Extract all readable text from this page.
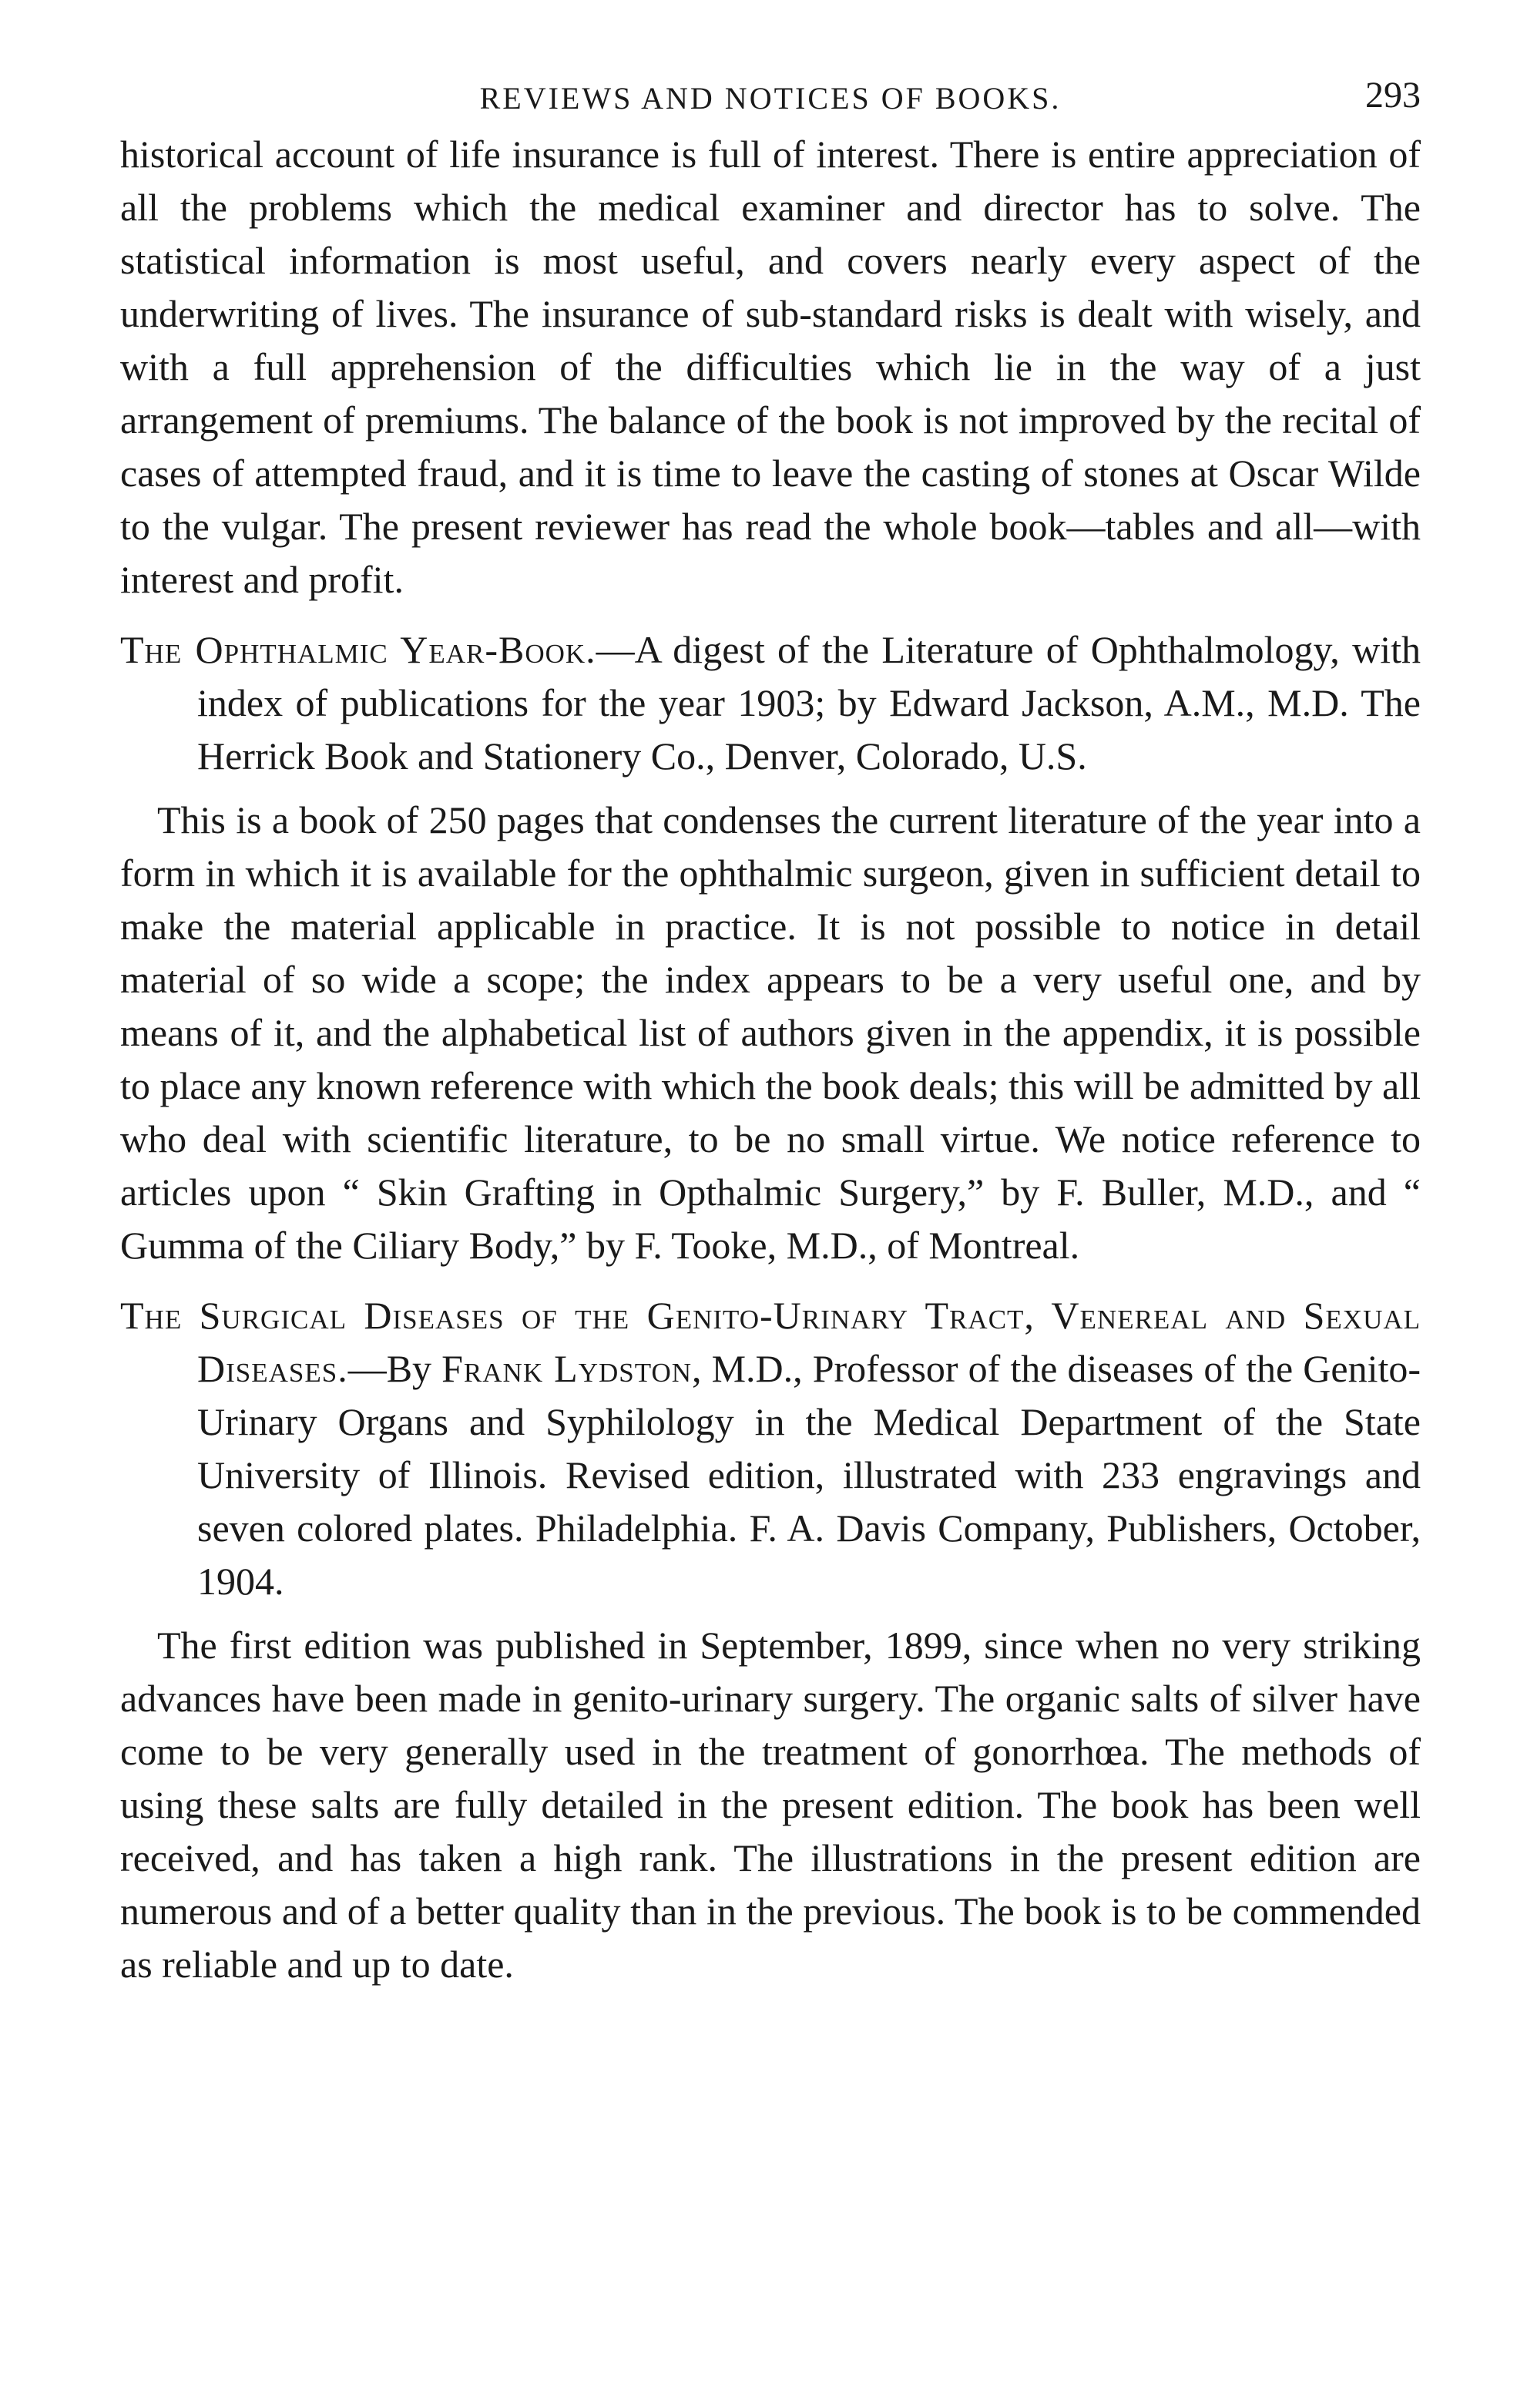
REVIEWS AND NOTICES OF BOOKS.	293

historical account of life insurance is full of interest. There is entire appreciation of all the problems which the medical examiner and director has to solve. The statistical information is most useful, and covers nearly every aspect of the underwriting of lives. The insurance of sub-standard risks is dealt with wisely, and with a full apprehension of the difficulties which lie in the way of a just arrangement of premiums. The balance of the book is not improved by the recital of cases of attempted fraud, and it is time to leave the casting of stones at Oscar Wilde to the vulgar. The present reviewer has read the whole book—tables and all—with interest and profit.

The Ophthalmic Year-Book.—A digest of the Literature of Ophthalmology, with index of publications for the year 1903; by Edward Jackson, A.M., M.D. The Herrick Book and Stationery Co., Denver, Colorado, U.S.

This is a book of 250 pages that condenses the current literature of the year into a form in which it is available for the ophthalmic surgeon, given in sufficient detail to make the material applicable in practice. It is not possible to notice in detail material of so wide a scope; the index appears to be a very useful one, and by means of it, and the alphabetical list of authors given in the appendix, it is possible to place any known reference with which the book deals; this will be admitted by all who deal with scientific literature, to be no small virtue. We notice reference to articles upon “ Skin Grafting in Opthalmic Surgery,” by F. Buller, M.D., and “ Gumma of the Ciliary Body,” by F. Tooke, M.D., of Montreal.

The Surgical Diseases of the Genito-Urinary Tract, Venereal and Sexual Diseases.—By Frank Lydston, M.D., Professor of the diseases of the Genito-Urinary Organs and Syphilology in the Medical Department of the State University of Illinois. Revised edition, illustrated with 233 engravings and seven colored plates. Philadelphia. F. A. Davis Company, Publishers, October, 1904.

The first edition was published in September, 1899, since when no very striking advances have been made in genito-urinary surgery. The organic salts of silver have come to be very generally used in the treatment of gonorrhœa. The methods of using these salts are fully detailed in the present edition. The book has been well received, and has taken a high rank. The illustrations in the present edition are numerous and of a better quality than in the previous. The book is to be commended as reliable and up to date.
